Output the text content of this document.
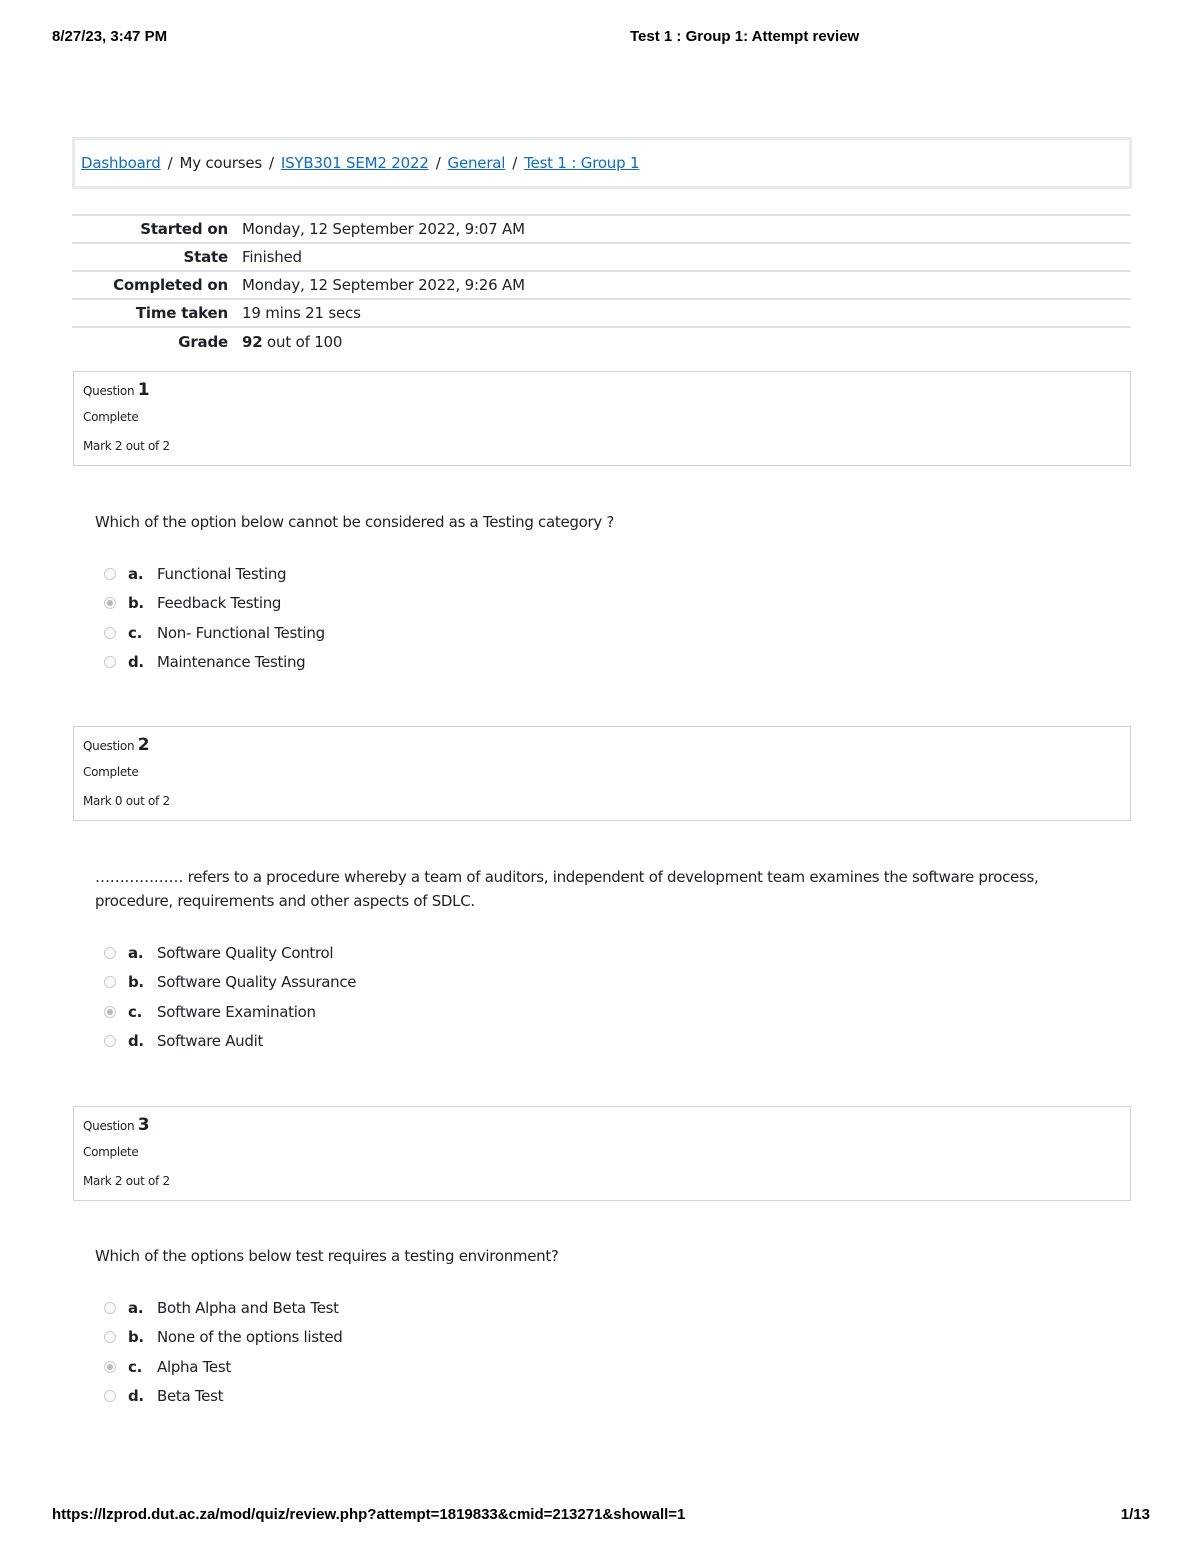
8/27/23, 3:47 PM	Test 1 : Group 1: Attempt review
Dashboard / My courses / ISYB301 SEM2 2022 / General / Test 1 : Group 1
Started on	Monday, 12 September 2022, 9:07 AM
State	Finished
Completed on	Monday, 12 September 2022, 9:26 AM
Time taken	19 mins 21 secs
Grade	92 out of 100
Question 1
Complete
Mark 2 out of 2
Which of the option below cannot be considered as a Testing category ?
a. Functional Testing
b. Feedback Testing
c. Non- Functional Testing
d. Maintenance Testing
Question 2
Complete
Mark 0 out of 2
……………… refers to a procedure whereby a team of auditors, independent of development team examines the software process, procedure, requirements and other aspects of SDLC.
a. Software Quality Control
b. Software Quality Assurance
c. Software Examination
d. Software Audit
Question 3
Complete
Mark 2 out of 2
Which of the options below test requires a testing environment?
a. Both Alpha and Beta Test
b. None of the options listed
c. Alpha Test
d. Beta Test
https://lzprod.dut.ac.za/mod/quiz/review.php?attempt=1819833&cmid=213271&showall=1	1/13
